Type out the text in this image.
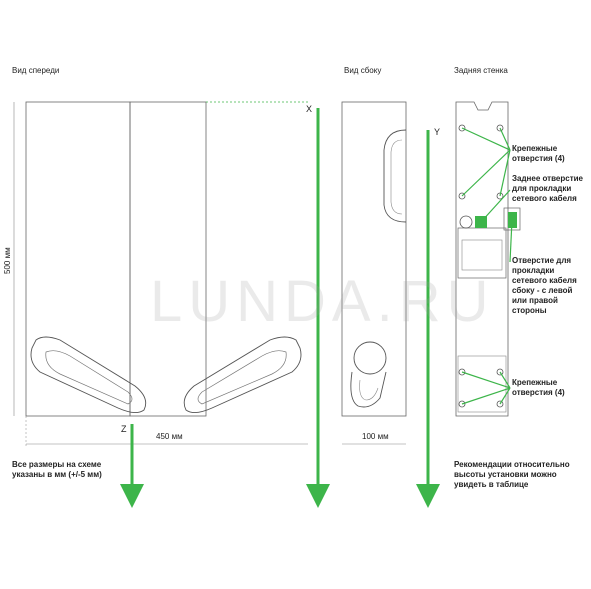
LUNDA.RU
Вид спереди	Вид сбоку	Задняя стенка
500 мм
450 мм	100 мм
X
Y
Z
Крепежные
отверстия (4)
Заднее отверстие
для прокладки
сетевого кабеля
Отверстие для
прокладки
сетевого кабеля
сбоку - с левой
или правой
стороны
Крепежные
отверстия (4)
Все размеры на схеме
указаны в мм (+/-5 мм)
Рекомендации относительно
высоты установки можно
увидеть в таблице
